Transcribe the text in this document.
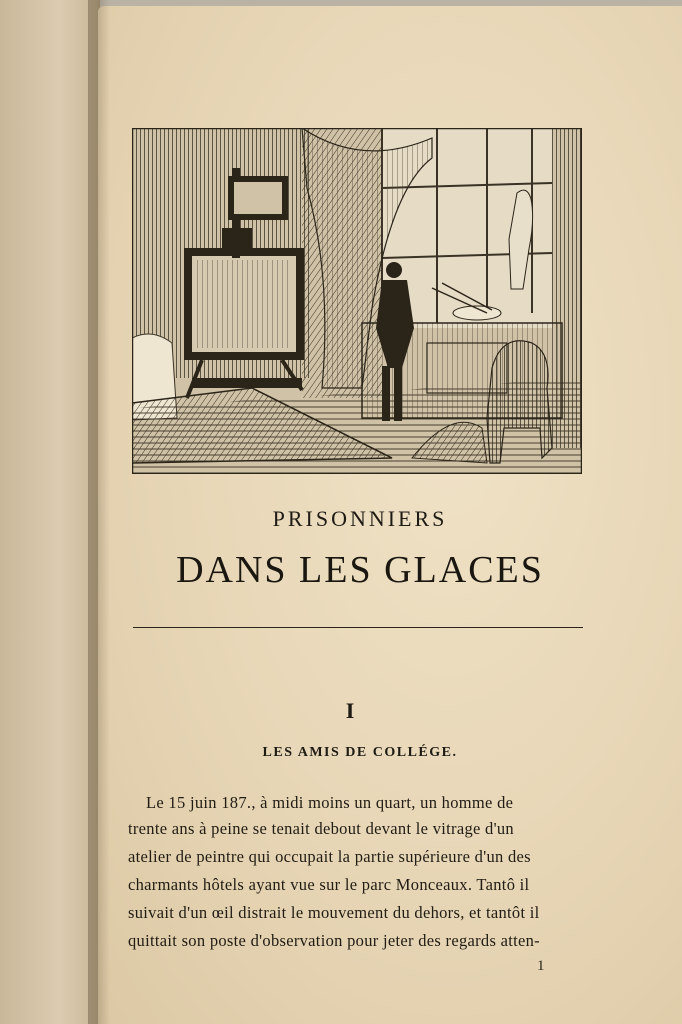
PRISONNIERS
DANS LES GLACES
I
LES AMIS DE COLLÉGE.
Le 15 juin 187., à midi moins un quart, un homme de
trente ans à peine se tenait debout devant le vitrage d'un
atelier de peintre qui occupait la partie supérieure d'un des
charmants hôtels ayant vue sur le parc Monceaux. Tantô il
suivait d'un œil distrait le mouvement du dehors, et tantôt il
quittait son poste d'observation pour jeter des regards atten-
1
